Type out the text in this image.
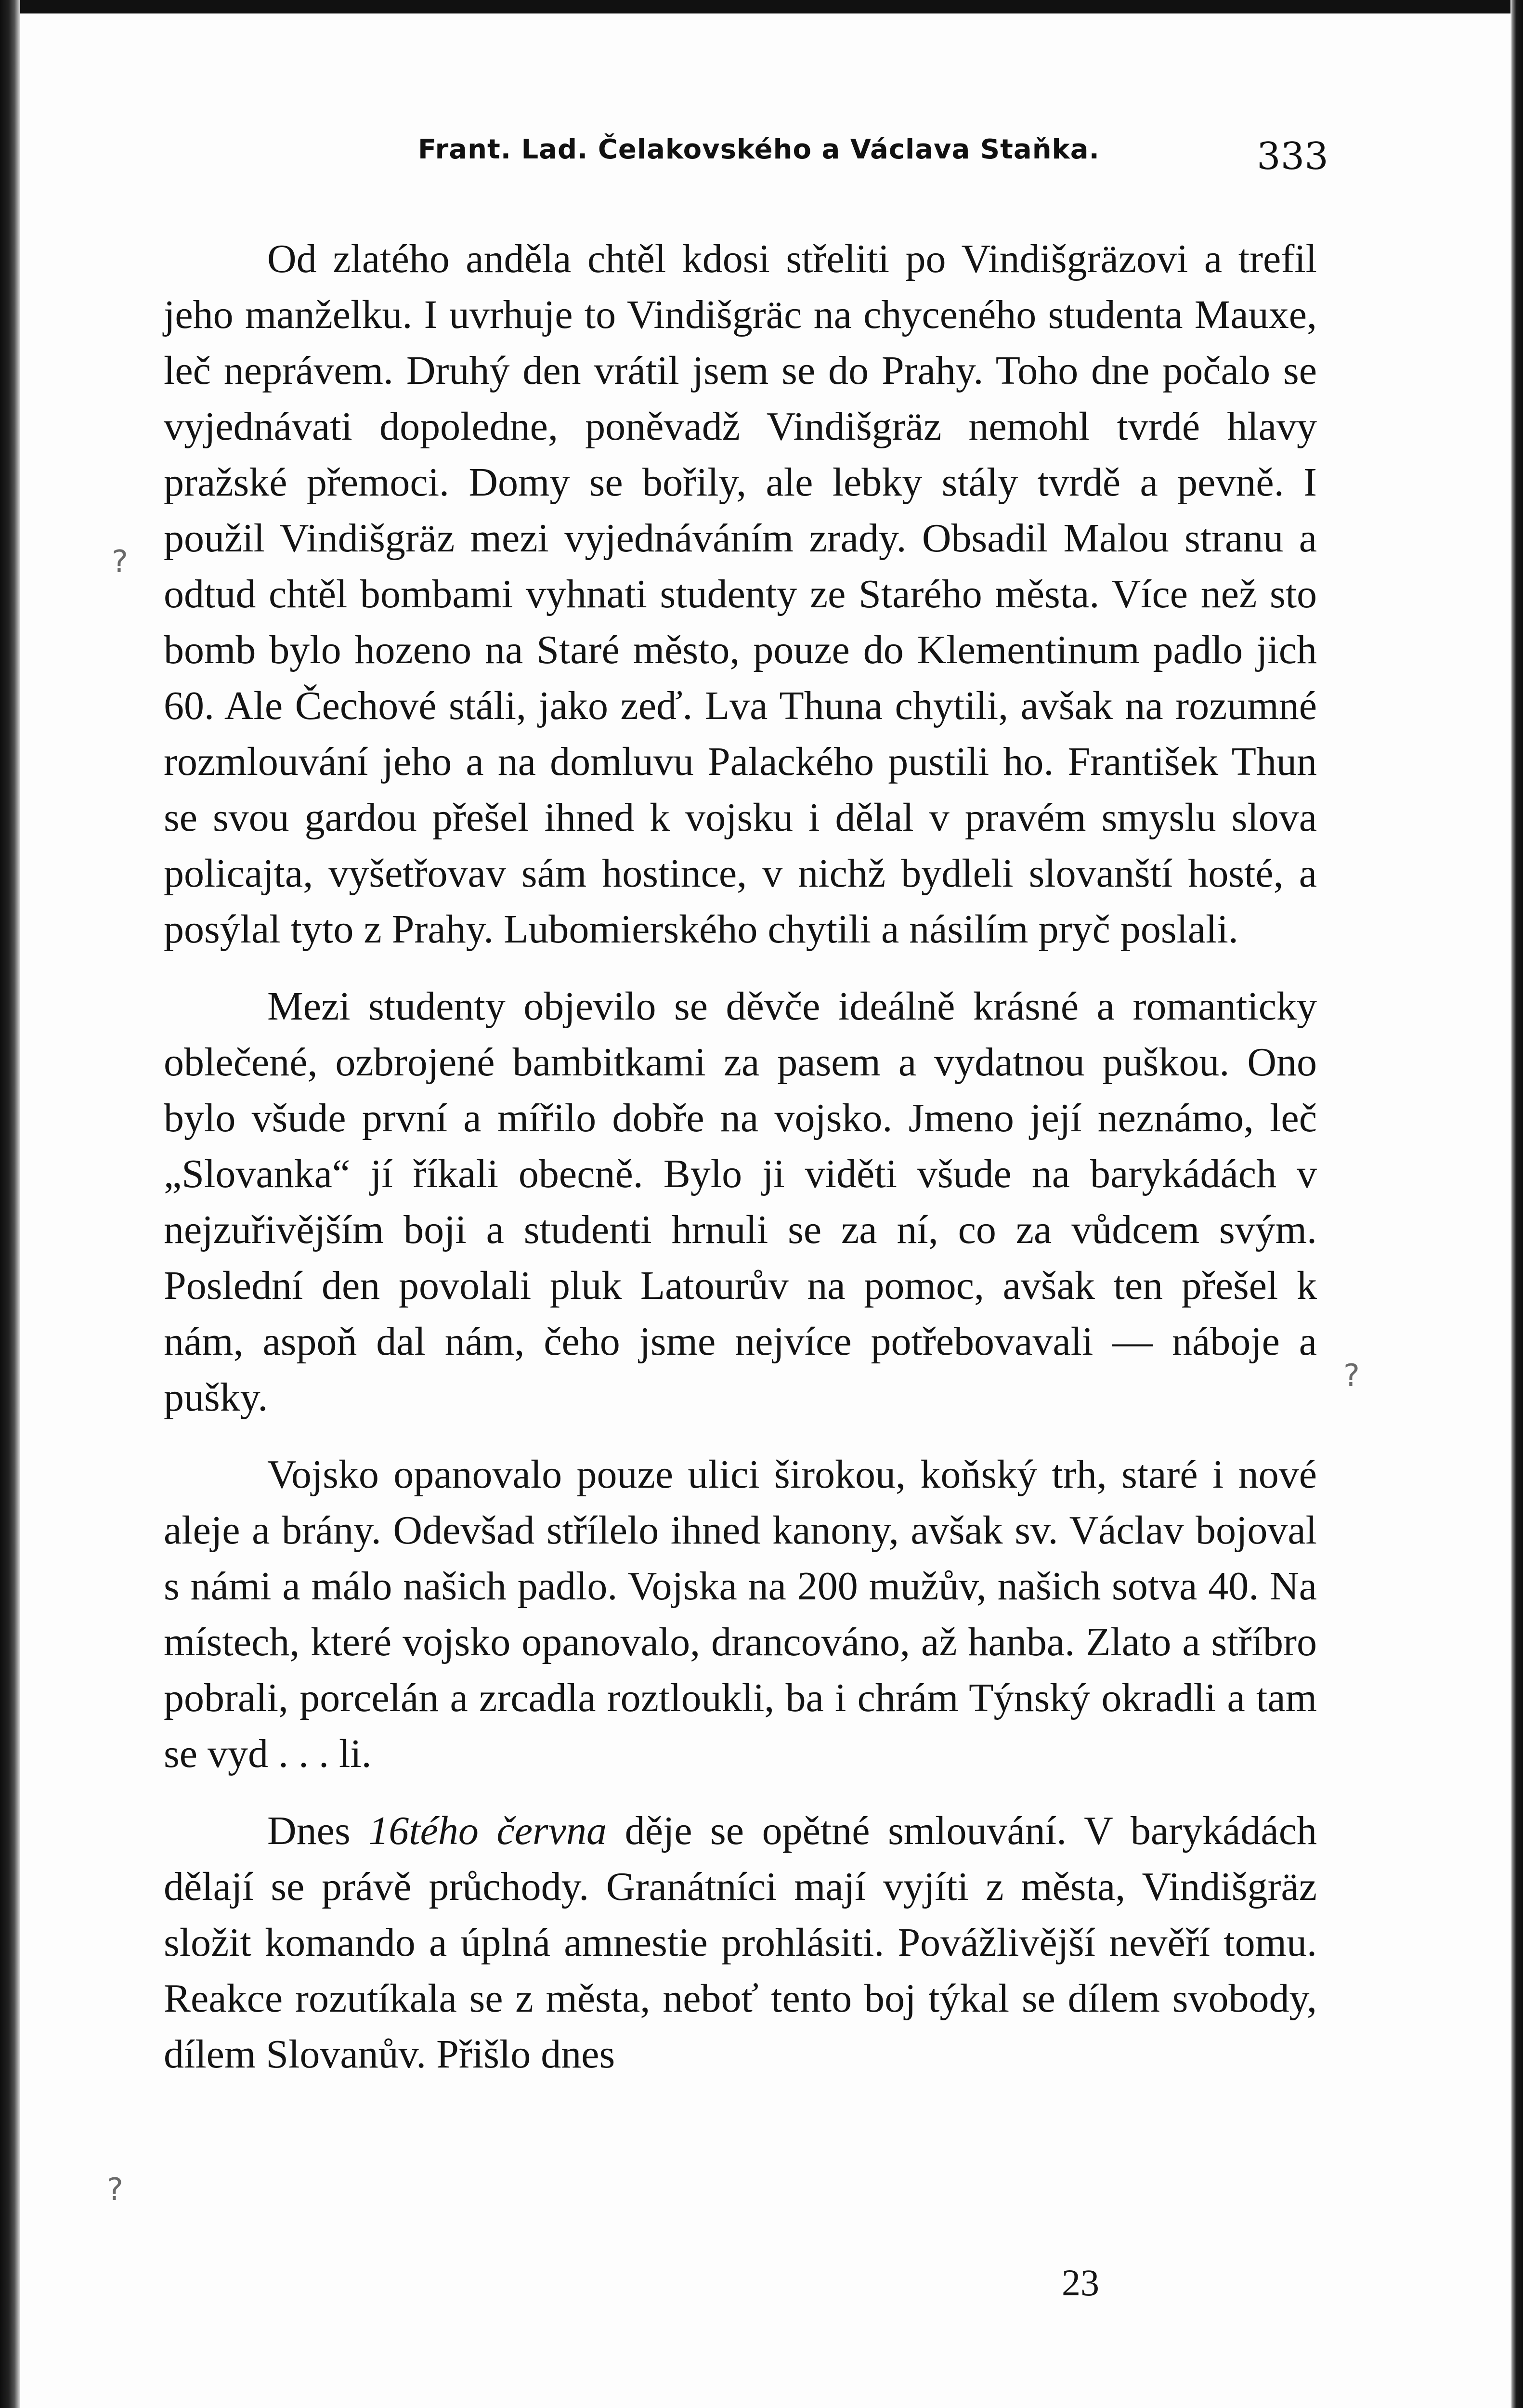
Frant. Lad. Čelakovského a Václava Staňka.	333

Od zlatého anděla chtěl kdosi střeliti po Vindišgräzovi a trefil jeho manželku. I uvrhuje to Vindišgräc na chyceného studenta Mauxe, leč neprávem. Druhý den vrátil jsem se do Prahy. Toho dne počalo se vyjednávati dopoledne, poněvadž Vindišgräz nemohl tvrdé hlavy pražské přemoci. Domy se bořily, ale lebky stály tvrdě a pevně. I použil Vindišgräz mezi vyjednáváním zrady. Obsadil Malou stranu a odtud chtěl bombami vyhnati studenty ze Starého města. Více než sto bomb bylo hozeno na Staré město, pouze do Klementinum padlo jich 60. Ale Čechové stáli, jako zeď. Lva Thuna chytili, avšak na rozumné rozmlouvání jeho a na domluvu Palackého pustili ho. František Thun se svou gardou přešel ihned k vojsku i dělal v pravém smyslu slova policajta, vyšetřovav sám hostince, v nichž bydleli slovanští hosté, a posýlal tyto z Prahy. Lubomierského chytili a násilím pryč poslali.

Mezi studenty objevilo se děvče ideálně krásné a romanticky oblečené, ozbrojené bambitkami za pasem a vydatnou puškou. Ono bylo všude první a mířilo dobře na vojsko. Jmeno její neznámo, leč „Slovanka“ jí říkali obecně. Bylo ji viděti všude na barykádách v nejzuřivějším boji a studenti hrnuli se za ní, co za vůdcem svým. Poslední den povolali pluk Latourův na pomoc, avšak ten přešel k nám, aspoň dal nám, čeho jsme nejvíce potřebovavali — náboje a pušky.

Vojsko opanovalo pouze ulici širokou, koňský trh, staré i nové aleje a brány. Odevšad střílelo ihned kanony, avšak sv. Václav bojoval s námi a málo našich padlo. Vojska na 200 mužův, našich sotva 40. Na místech, které vojsko opanovalo, drancováno, až hanba. Zlato a stříbro pobrali, porcelán a zrcadla roztloukli, ba i chrám Týnský okradli a tam se vyd . . . li.

Dnes 16tého června děje se opětné smlouvání. V barykádách dělají se právě průchody. Granátníci mají vyjíti z města, Vindišgräz složit komando a úplná amnestie prohlásiti. Povážlivější nevěří tomu. Reakce rozutíkala se z města, neboť tento boj týkal se dílem svobody, dílem Slovanův. Přišlo dnes

23
?
?
?
